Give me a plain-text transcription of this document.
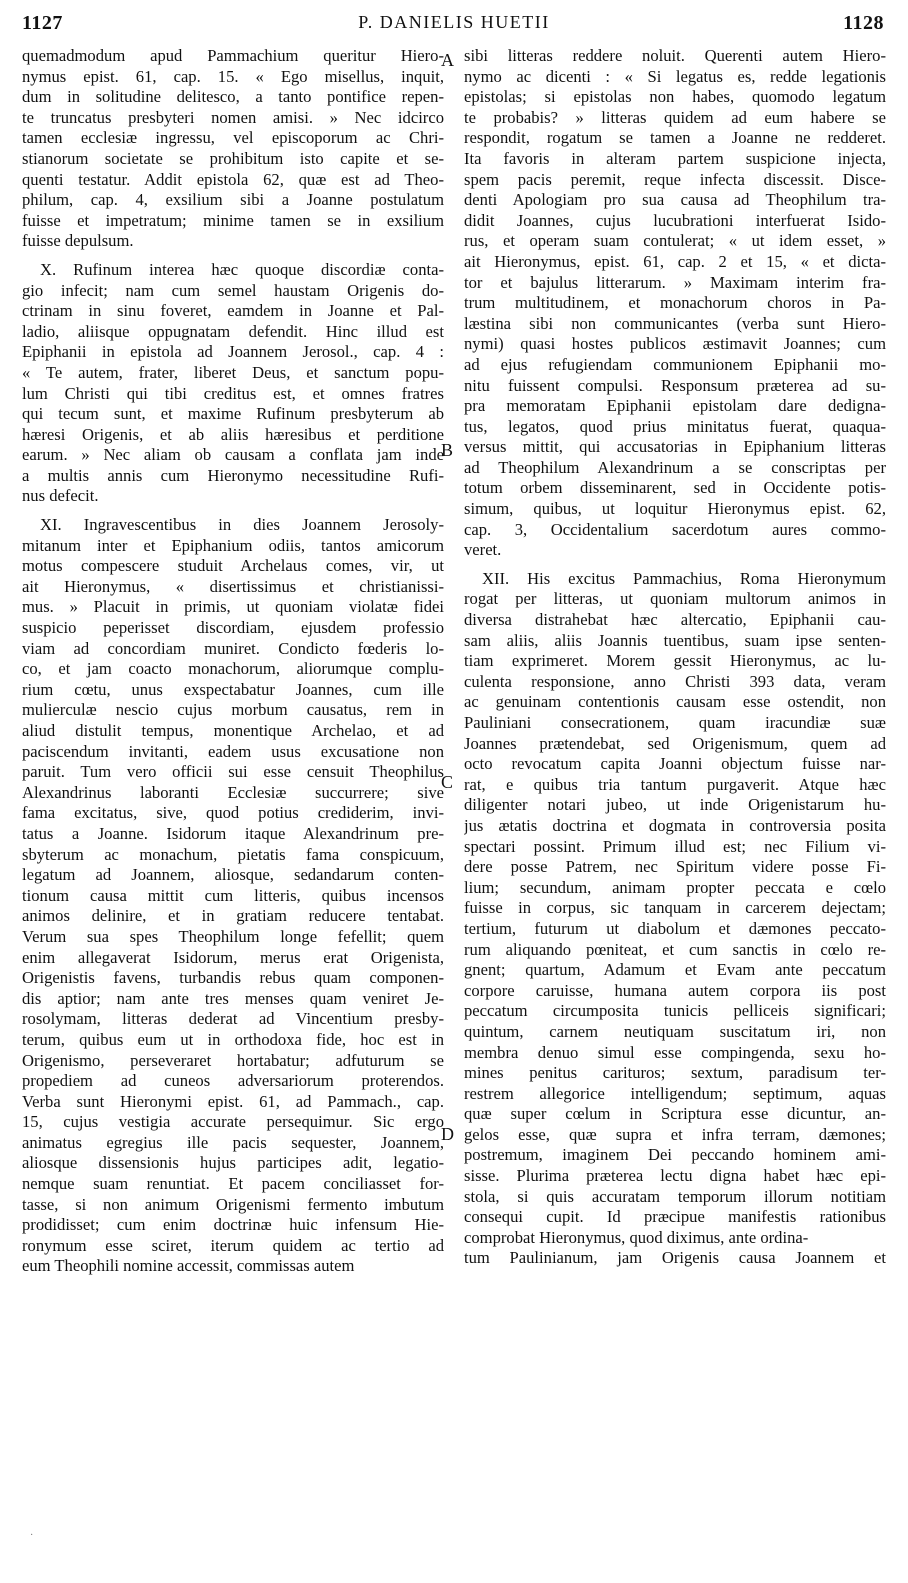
1127	P. DANIELIS HUETII	1128
quemadmodum apud Pammachium queritur Hiero-
nymus epist. 61, cap. 15. « Ego misellus, inquit,
dum in solitudine delitesco, a tanto pontifice repen-
te truncatus presbyteri nomen amisi. » Nec idcirco
tamen ecclesiæ ingressu, vel episcoporum ac Chri-
stianorum societate se prohibitum isto capite et se-
quenti testatur. Addit epistola 62, quæ est ad Theo-
philum, cap. 4, exsilium sibi a Joanne postulatum
fuisse et impetratum; minime tamen se in exsilium
fuisse depulsum.
X. Rufinum interea hæc quoque discordiæ conta-
gio infecit; nam cum semel haustam Origenis do-
ctrinam in sinu foveret, eamdem in Joanne et Pal-
ladio, aliisque oppugnatam defendit. Hinc illud est
Epiphanii in epistola ad Joannem Jerosol., cap. 4 :
« Te autem, frater, liberet Deus, et sanctum popu-
lum Christi qui tibi creditus est, et omnes fratres
qui tecum sunt, et maxime Rufinum presbyterum ab
hæresi Origenis, et ab aliis hæresibus et perditione
earum. » Nec aliam ob causam a conflata jam inde
a multis annis cum Hieronymo necessitudine Rufi-
nus defecit.
XI. Ingravescentibus in dies Joannem Jerosoly-
mitanum inter et Epiphanium odiis, tantos amicorum
motus compescere studuit Archelaus comes, vir, ut
ait Hieronymus, « disertissimus et christianissi-
mus. » Placuit in primis, ut quoniam violatæ fidei
suspicio peperisset discordiam, ejusdem professio
viam ad concordiam muniret. Condicto fœderis lo-
co, et jam coacto monachorum, aliorumque complu-
rium cœtu, unus exspectabatur Joannes, cum ille
mulierculæ nescio cujus morbum causatus, rem in
aliud distulit tempus, monentique Archelao, et ad
paciscendum invitanti, eadem usus excusatione non
paruit. Tum vero officii sui esse censuit Theophilus
Alexandrinus laboranti Ecclesiæ succurrere; sive
fama excitatus, sive, quod potius crediderim, invi-
tatus a Joanne. Isidorum itaque Alexandrinum pre-
sbyterum ac monachum, pietatis fama conspicuum,
legatum ad Joannem, aliosque, sedandarum conten-
tionum causa mittit cum litteris, quibus incensos
animos delinire, et in gratiam reducere tentabat.
Verum sua spes Theophilum longe fefellit; quem
enim allegaverat Isidorum, merus erat Origenista,
Origenistis favens, turbandis rebus quam componen-
dis aptior; nam ante tres menses quam veniret Je-
rosolymam, litteras dederat ad Vincentium presby-
terum, quibus eum ut in orthodoxa fide, hoc est in
Origenismo, perseveraret hortabatur; adfuturum se
propediem ad cuneos adversariorum proterendos.
Verba sunt Hieronymi epist. 61, ad Pammach., cap.
15, cujus vestigia accurate persequimur. Sic ergo
animatus egregius ille pacis sequester, Joannem,
aliosque dissensionis hujus participes adit, legatio-
nemque suam renuntiat. Et pacem conciliasset for-
tasse, si non animum Origenismi fermento imbutum
prodidisset; cum enim doctrinæ huic infensum Hie-
ronymum esse sciret, iterum quidem ac tertio ad
eum Theophili nomine accessit, commissas autem
sibi litteras reddere noluit. Querenti autem Hiero-
nymo ac dicenti : « Si legatus es, redde legationis
epistolas; si epistolas non habes, quomodo legatum
te probabis? » litteras quidem ad eum habere se
respondit, rogatum se tamen a Joanne ne redderet.
Ita favoris in alteram partem suspicione injecta,
spem pacis peremit, reque infecta discessit. Disce-
denti Apologiam pro sua causa ad Theophilum tra-
didit Joannes, cujus lucubrationi interfuerat Isido-
rus, et operam suam contulerat; « ut idem esset, »
ait Hieronymus, epist. 61, cap. 2 et 15, « et dicta-
tor et bajulus litterarum. » Maximam interim fra-
trum multitudinem, et monachorum choros in Pa-
læstina sibi non communicantes (verba sunt Hiero-
nymi) quasi hostes publicos æstimavit Joannes; cum
ad ejus refugiendam communionem Epiphanii mo-
nitu fuissent compulsi. Responsum præterea ad su-
pra memoratam Epiphanii epistolam dare dedigna-
tus, legatos, quod prius minitatus fuerat, quaqua-
versus mittit, qui accusatorias in Epiphanium litteras
ad Theophilum Alexandrinum a se conscriptas per
totum orbem disseminarent, sed in Occidente potis-
simum, quibus, ut loquitur Hieronymus epist. 62,
cap. 3, Occidentalium sacerdotum aures commo-
veret.
XII. His excitus Pammachius, Roma Hieronymum
rogat per litteras, ut quoniam multorum animos in
diversa distrahebat hæc altercatio, Epiphanii cau-
sam aliis, aliis Joannis tuentibus, suam ipse senten-
tiam exprimeret. Morem gessit Hieronymus, ac lu-
culenta responsione, anno Christi 393 data, veram
ac genuinam contentionis causam esse ostendit, non
Pauliniani consecrationem, quam iracundiæ suæ
Joannes prætendebat, sed Origenismum, quem ad
octo revocatum capita Joanni objectum fuisse nar-
rat, e quibus tria tantum purgaverit. Atque hæc
diligenter notari jubeo, ut inde Origenistarum hu-
jus ætatis doctrina et dogmata in controversia posita
spectari possint. Primum illud est; nec Filium vi-
dere posse Patrem, nec Spiritum videre posse Fi-
lium; secundum, animam propter peccata e cœlo
fuisse in corpus, sic tanquam in carcerem dejectam;
tertium, futurum ut diabolum et dæmones peccato-
rum aliquando pœniteat, et cum sanctis in cœlo re-
gnent; quartum, Adamum et Evam ante peccatum
corpore caruisse, humana autem corpora iis post
peccatum circumposita tunicis pelliceis significari;
quintum, carnem neutiquam suscitatum iri, non
membra denuo simul esse compingenda, sexu ho-
mines penitus carituros; sextum, paradisum ter-
restrem allegorice intelligendum; septimum, aquas
quæ super cœlum in Scriptura esse dicuntur, an-
gelos esse, quæ supra et infra terram, dæmones;
postremum, imaginem Dei peccando hominem ami-
sisse. Plurima præterea lectu digna habet hæc epi-
stola, si quis accuratam temporum illorum notitiam
consequi cupit. Id præcipue manifestis rationibus
comprobat Hieronymus, quod diximus, ante ordina-
tum Paulinianum, jam Origenis causa Joannem et
A
B
C
D
·
